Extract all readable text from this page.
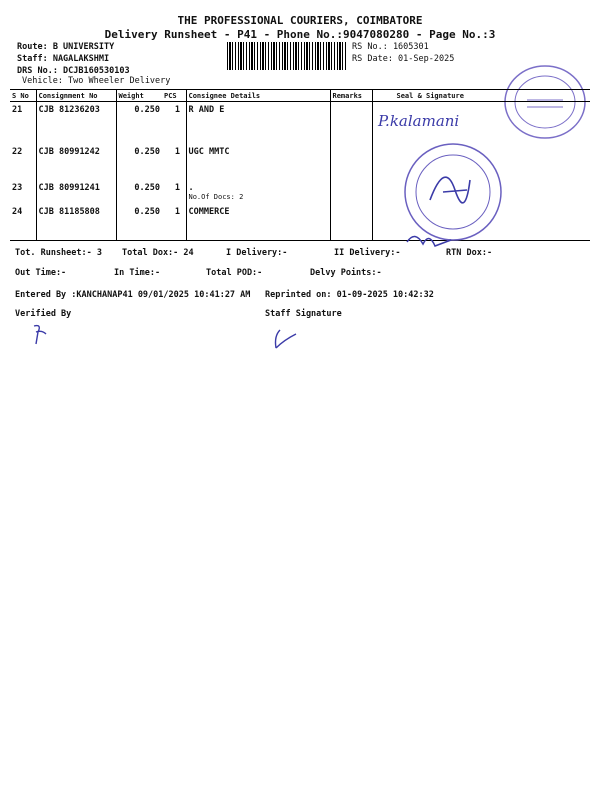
THE PROFESSIONAL COURIERS, COIMBATORE
Delivery Runsheet - P41 - Phone No.:9047080280 - Page No.:3
Route: B UNIVERSITY
Staff: NAGALAKSHMI
DRS No.: DCJB160530103
Vehicle: Two Wheeler Delivery
RS No.: 1605301
RS Date: 01-Sep-2025
S No	Consignment No	Weight	PCS		Consignee Details	Remarks	Seal & Signature
21	CJB 81236203	0.250	1		R AND E		
22	CJB 80991242	0.250	1		UGC MMTC		
23	CJB 80991241	0.250	1		.
No.Of Docs: 2		

24	CJB 81185808	0.250	1		COMMERCE		
P.kalamani
Tot. Runsheet:- 3 Total Dox:- 24	I Delivery:-	II Delivery:-	RTN Dox:-
Out Time:-	In Time:-	Total POD:-	Delvy Points:-
Entered By :KANCHANAP41 09/01/2025 10:41:27 AM Reprinted on: 01-09-2025 10:42:32
Verified By	Staff Signature
